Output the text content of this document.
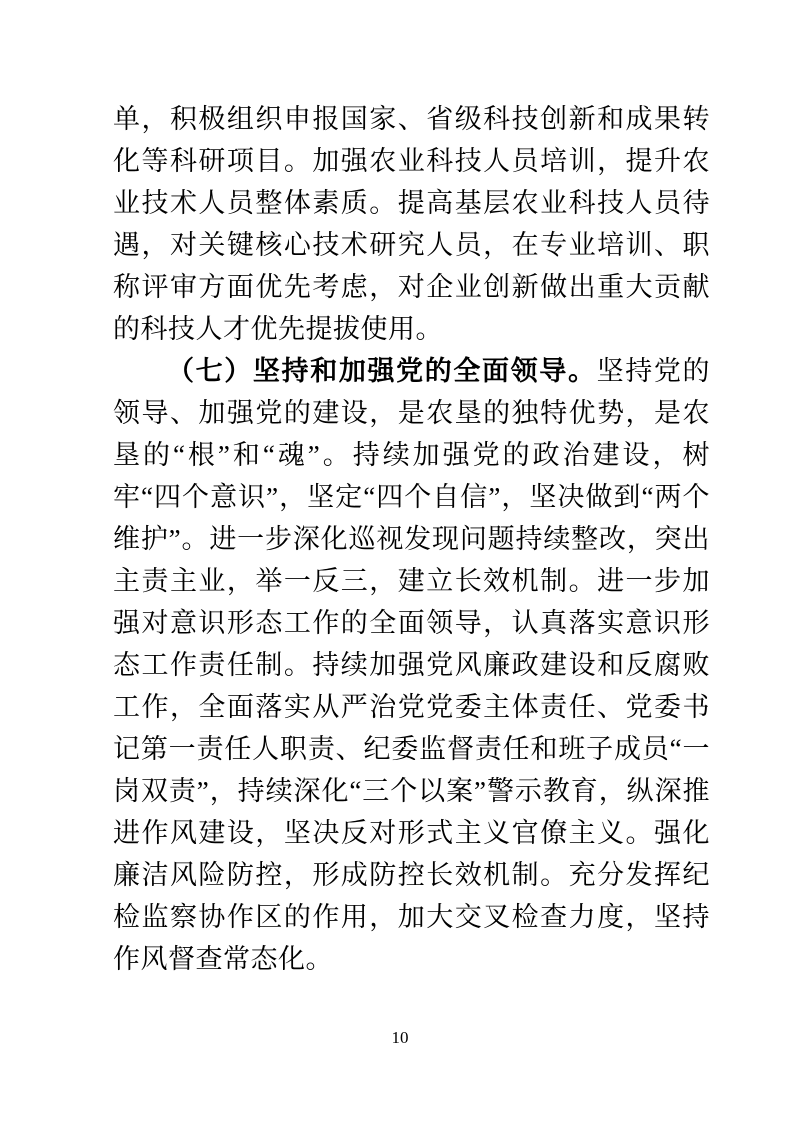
单，积极组织申报国家、省级科技创新和成果转化等科研项目。加强农业科技人员培训，提升农业技术人员整体素质。提高基层农业科技人员待遇，对关键核心技术研究人员，在专业培训、职称评审方面优先考虑，对企业创新做出重大贡献的科技人才优先提拔使用。

（七）坚持和加强党的全面领导。坚持党的领导、加强党的建设，是农垦的独特优势，是农垦的“根”和“魂”。持续加强党的政治建设，树牢“四个意识”，坚定“四个自信”，坚决做到“两个维护”。进一步深化巡视发现问题持续整改，突出主责主业，举一反三，建立长效机制。进一步加强对意识形态工作的全面领导，认真落实意识形态工作责任制。持续加强党风廉政建设和反腐败工作，全面落实从严治党党委主体责任、党委书记第一责任人职责、纪委监督责任和班子成员“一岗双责”，持续深化“三个以案”警示教育，纵深推进作风建设，坚决反对形式主义官僚主义。强化廉洁风险防控，形成防控长效机制。充分发挥纪检监察协作区的作用，加大交叉检查力度，坚持作风督查常态化。

10
